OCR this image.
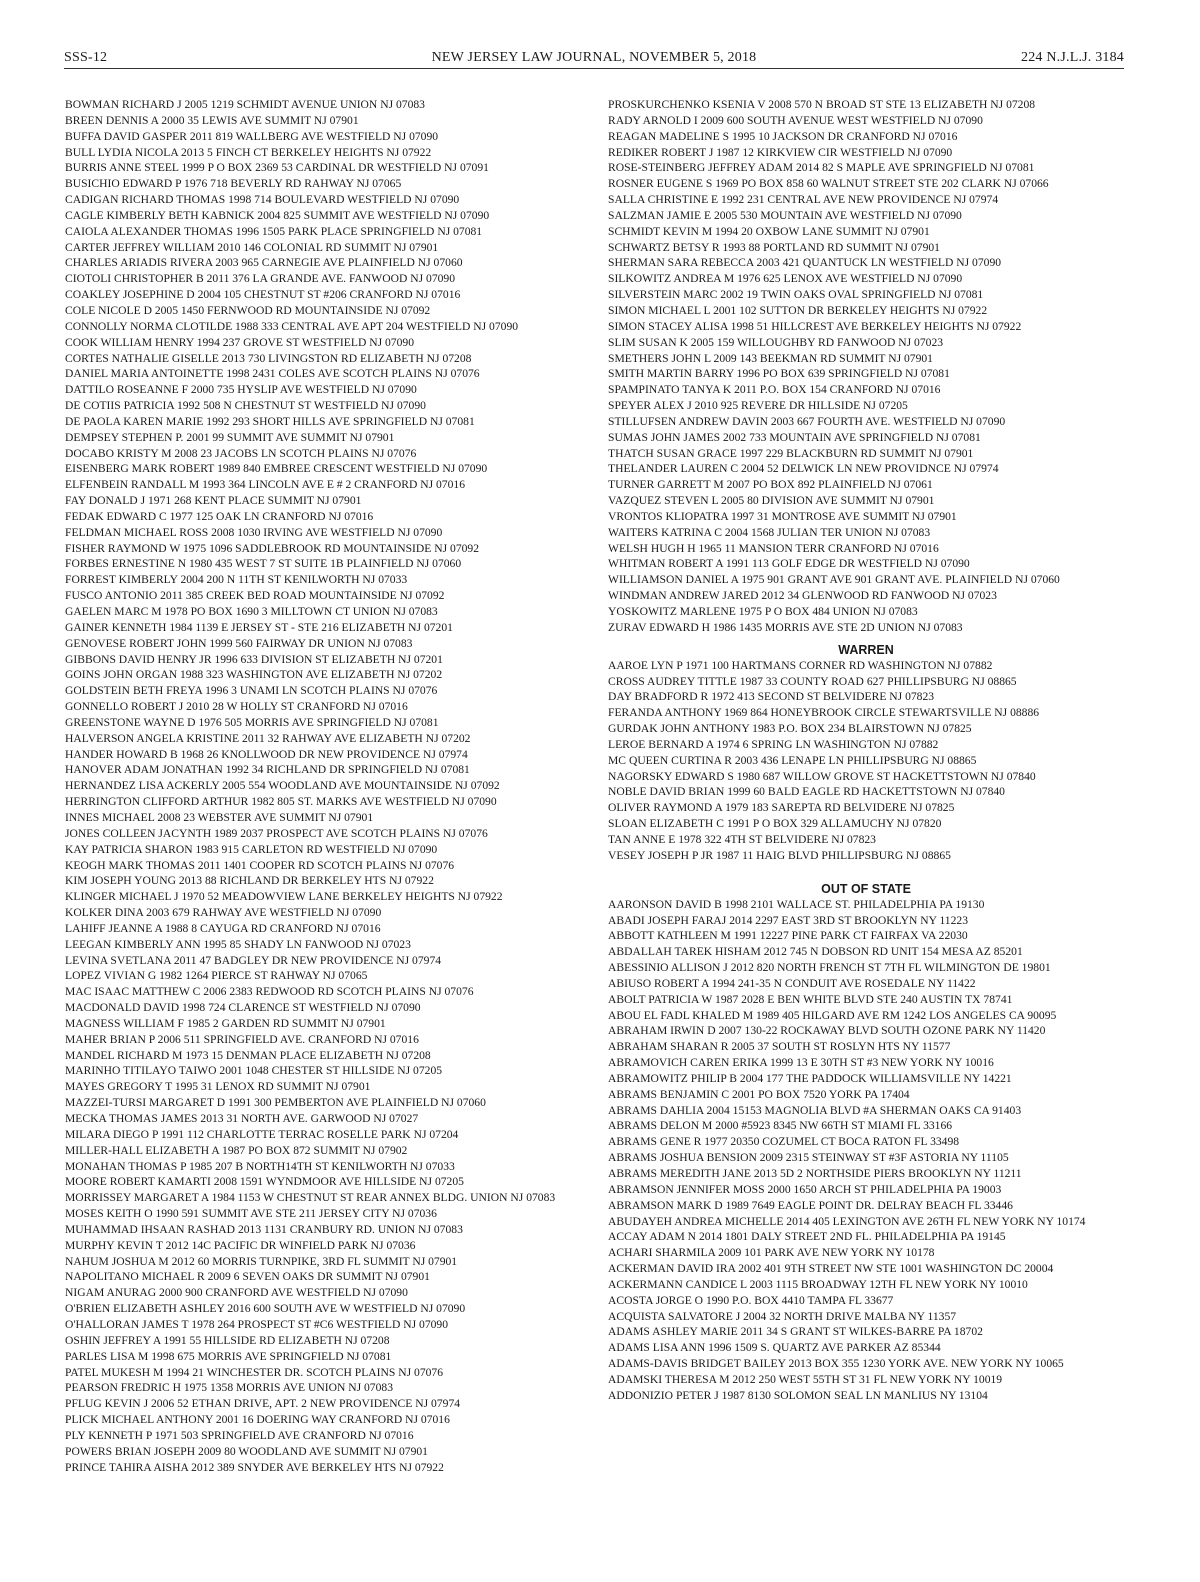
SSS-12	NEW JERSEY LAW JOURNAL, NOVEMBER 5, 2018	224 N.J.L.J. 3184

BOWMAN RICHARD J 2005 1219 SCHMIDT AVENUE UNION NJ 07083

BREEN DENNIS A 2000 35 LEWIS AVE SUMMIT NJ 07901

BUFFA DAVID GASPER 2011 819 WALLBERG AVE WESTFIELD NJ 07090

BULL LYDIA NICOLA 2013 5 FINCH CT BERKELEY HEIGHTS NJ 07922

BURRIS ANNE STEEL 1999 P O BOX 2369 53 CARDINAL DR WESTFIELD NJ 07091

BUSICHIO EDWARD P 1976 718 BEVERLY RD RAHWAY NJ 07065

CADIGAN RICHARD THOMAS 1998 714 BOULEVARD WESTFIELD NJ 07090

CAGLE KIMBERLY BETH KABNICK 2004 825 SUMMIT AVE WESTFIELD NJ 07090

CAIOLA ALEXANDER THOMAS 1996 1505 PARK PLACE SPRINGFIELD NJ 07081

CARTER JEFFREY WILLIAM 2010 146 COLONIAL RD SUMMIT NJ 07901

CHARLES ARIADIS RIVERA 2003 965 CARNEGIE AVE PLAINFIELD NJ 07060

CIOTOLI CHRISTOPHER B 2011 376 LA GRANDE AVE. FANWOOD NJ 07090

COAKLEY JOSEPHINE D 2004 105 CHESTNUT ST #206 CRANFORD NJ 07016

COLE NICOLE D 2005 1450 FERNWOOD RD MOUNTAINSIDE NJ 07092

CONNOLLY NORMA CLOTILDE 1988 333 CENTRAL AVE APT 204 WESTFIELD NJ 07090

COOK WILLIAM HENRY 1994 237 GROVE ST WESTFIELD NJ 07090

CORTES NATHALIE GISELLE 2013 730 LIVINGSTON RD ELIZABETH NJ 07208

DANIEL MARIA ANTOINETTE 1998 2431 COLES AVE SCOTCH PLAINS NJ 07076

DATTILO ROSEANNE F 2000 735 HYSLIP AVE WESTFIELD NJ 07090

DE COTIIS PATRICIA 1992 508 N CHESTNUT ST WESTFIELD NJ 07090

DE PAOLA KAREN MARIE 1992 293 SHORT HILLS AVE SPRINGFIELD NJ 07081

DEMPSEY STEPHEN P. 2001 99 SUMMIT AVE SUMMIT NJ 07901

DOCABO KRISTY M 2008 23 JACOBS LN SCOTCH PLAINS NJ 07076

EISENBERG MARK ROBERT 1989 840 EMBREE CRESCENT WESTFIELD NJ 07090

ELFENBEIN RANDALL M 1993 364 LINCOLN AVE E # 2 CRANFORD NJ 07016

FAY DONALD J 1971 268 KENT PLACE SUMMIT NJ 07901

FEDAK EDWARD C 1977 125 OAK LN CRANFORD NJ 07016

FELDMAN MICHAEL ROSS 2008 1030 IRVING AVE WESTFIELD NJ 07090

FISHER RAYMOND W 1975 1096 SADDLEBROOK RD MOUNTAINSIDE NJ 07092

FORBES ERNESTINE N 1980 435 WEST 7 ST SUITE 1B PLAINFIELD NJ 07060

FORREST KIMBERLY 2004 200 N 11TH ST KENILWORTH NJ 07033

FUSCO ANTONIO 2011 385 CREEK BED ROAD MOUNTAINSIDE NJ 07092

GAELEN MARC M 1978 PO BOX 1690 3 MILLTOWN CT UNION NJ 07083

GAINER KENNETH 1984 1139 E JERSEY ST - STE 216 ELIZABETH NJ 07201

GENOVESE ROBERT JOHN 1999 560 FAIRWAY DR UNION NJ 07083

GIBBONS DAVID HENRY JR 1996 633 DIVISION ST ELIZABETH NJ 07201

GOINS JOHN ORGAN 1988 323 WASHINGTON AVE ELIZABETH NJ 07202

GOLDSTEIN BETH FREYA 1996 3 UNAMI LN SCOTCH PLAINS NJ 07076

GONNELLO ROBERT J 2010 28 W HOLLY ST CRANFORD NJ 07016

GREENSTONE WAYNE D 1976 505 MORRIS AVE SPRINGFIELD NJ 07081

HALVERSON ANGELA KRISTINE 2011 32 RAHWAY AVE ELIZABETH NJ 07202

HANDER HOWARD B 1968 26 KNOLLWOOD DR NEW PROVIDENCE NJ 07974

HANOVER ADAM JONATHAN 1992 34 RICHLAND DR SPRINGFIELD NJ 07081

HERNANDEZ LISA ACKERLY 2005 554 WOODLAND AVE MOUNTAINSIDE NJ 07092

HERRINGTON CLIFFORD ARTHUR 1982 805 ST. MARKS AVE WESTFIELD NJ 07090

INNES MICHAEL 2008 23 WEBSTER AVE SUMMIT NJ 07901

JONES COLLEEN JACYNTH 1989 2037 PROSPECT AVE SCOTCH PLAINS NJ 07076

KAY PATRICIA SHARON 1983 915 CARLETON RD WESTFIELD NJ 07090

KEOGH MARK THOMAS 2011 1401 COOPER RD SCOTCH PLAINS NJ 07076

KIM JOSEPH YOUNG 2013 88 RICHLAND DR BERKELEY HTS NJ 07922

KLINGER MICHAEL J 1970 52 MEADOWVIEW LANE BERKELEY HEIGHTS NJ 07922

KOLKER DINA 2003 679 RAHWAY AVE WESTFIELD NJ 07090

LAHIFF JEANNE A 1988 8 CAYUGA RD CRANFORD NJ 07016

LEEGAN KIMBERLY ANN 1995 85 SHADY LN FANWOOD NJ 07023

LEVINA SVETLANA 2011 47 BADGLEY DR NEW PROVIDENCE NJ 07974

LOPEZ VIVIAN G 1982 1264 PIERCE ST RAHWAY NJ 07065

MAC ISAAC MATTHEW C 2006 2383 REDWOOD RD SCOTCH PLAINS NJ 07076

MACDONALD DAVID 1998 724 CLARENCE ST WESTFIELD NJ 07090

MAGNESS WILLIAM F 1985 2 GARDEN RD SUMMIT NJ 07901

MAHER BRIAN P 2006 511 SPRINGFIELD AVE. CRANFORD NJ 07016

MANDEL RICHARD M 1973 15 DENMAN PLACE ELIZABETH NJ 07208

MARINHO TITILAYO TAIWO 2001 1048 CHESTER ST HILLSIDE NJ 07205

MAYES GREGORY T 1995 31 LENOX RD SUMMIT NJ 07901

MAZZEI-TURSI MARGARET D 1991 300 PEMBERTON AVE PLAINFIELD NJ 07060

MECKA THOMAS JAMES 2013 31 NORTH AVE. GARWOOD NJ 07027

MILARA DIEGO P 1991 112 CHARLOTTE TERRAC ROSELLE PARK NJ 07204

MILLER-HALL ELIZABETH A 1987 PO BOX 872 SUMMIT NJ 07902

MONAHAN THOMAS P 1985 207 B NORTH14TH ST KENILWORTH NJ 07033

MOORE ROBERT KAMARTI 2008 1591 WYNDMOOR AVE HILLSIDE NJ 07205

MORRISSEY MARGARET A 1984 1153 W CHESTNUT ST REAR ANNEX BLDG. UNION NJ 07083

MOSES KEITH O 1990 591 SUMMIT AVE STE 211 JERSEY CITY NJ 07036

MUHAMMAD IHSAAN RASHAD 2013 1131 CRANBURY RD. UNION NJ 07083

MURPHY KEVIN T 2012 14C PACIFIC DR WINFIELD PARK NJ 07036

NAHUM JOSHUA M 2012 60 MORRIS TURNPIKE, 3RD FL SUMMIT NJ 07901

NAPOLITANO MICHAEL R 2009 6 SEVEN OAKS DR SUMMIT NJ 07901

NIGAM ANURAG 2000 900 CRANFORD AVE WESTFIELD NJ 07090

O'BRIEN ELIZABETH ASHLEY 2016 600 SOUTH AVE W WESTFIELD NJ 07090

O'HALLORAN JAMES T 1978 264 PROSPECT ST #C6 WESTFIELD NJ 07090

OSHIN JEFFREY A 1991 55 HILLSIDE RD ELIZABETH NJ 07208

PARLES LISA M 1998 675 MORRIS AVE SPRINGFIELD NJ 07081

PATEL MUKESH M 1994 21 WINCHESTER DR. SCOTCH PLAINS NJ 07076

PEARSON FREDRIC H 1975 1358 MORRIS AVE UNION NJ 07083

PFLUG KEVIN J 2006 52 ETHAN DRIVE, APT. 2 NEW PROVIDENCE NJ 07974

PLICK MICHAEL ANTHONY 2001 16 DOERING WAY CRANFORD NJ 07016

PLY KENNETH P 1971 503 SPRINGFIELD AVE CRANFORD NJ 07016

POWERS BRIAN JOSEPH 2009 80 WOODLAND AVE SUMMIT NJ 07901

PRINCE TAHIRA AISHA 2012 389 SNYDER AVE BERKELEY HTS NJ 07922

PROSKURCHENKO KSENIA V 2008 570 N BROAD ST STE 13 ELIZABETH NJ 07208

RADY ARNOLD I 2009 600 SOUTH AVENUE WEST WESTFIELD NJ 07090

REAGAN MADELINE S 1995 10 JACKSON DR CRANFORD NJ 07016

REDIKER ROBERT J 1987 12 KIRKVIEW CIR WESTFIELD NJ 07090

ROSE-STEINBERG JEFFREY ADAM 2014 82 S MAPLE AVE SPRINGFIELD NJ 07081

ROSNER EUGENE S 1969 PO BOX 858 60 WALNUT STREET STE 202 CLARK NJ 07066

SALLA CHRISTINE E 1992 231 CENTRAL AVE NEW PROVIDENCE NJ 07974

SALZMAN JAMIE E 2005 530 MOUNTAIN AVE WESTFIELD NJ 07090

SCHMIDT KEVIN M 1994 20 OXBOW LANE SUMMIT NJ 07901

SCHWARTZ BETSY R 1993 88 PORTLAND RD SUMMIT NJ 07901

SHERMAN SARA REBECCA 2003 421 QUANTUCK LN WESTFIELD NJ 07090

SILKOWITZ ANDREA M 1976 625 LENOX AVE WESTFIELD NJ 07090

SILVERSTEIN MARC 2002 19 TWIN OAKS OVAL SPRINGFIELD NJ 07081

SIMON MICHAEL L 2001 102 SUTTON DR BERKELEY HEIGHTS NJ 07922

SIMON STACEY ALISA 1998 51 HILLCREST AVE BERKELEY HEIGHTS NJ 07922

SLIM SUSAN K 2005 159 WILLOUGHBY RD FANWOOD NJ 07023

SMETHERS JOHN L 2009 143 BEEKMAN RD SUMMIT NJ 07901

SMITH MARTIN BARRY 1996 PO BOX 639 SPRINGFIELD NJ 07081

SPAMPINATO TANYA K 2011 P.O. BOX 154 CRANFORD NJ 07016

SPEYER ALEX J 2010 925 REVERE DR HILLSIDE NJ 07205

STILLUFSEN ANDREW DAVIN 2003 667 FOURTH AVE. WESTFIELD NJ 07090

SUMAS JOHN JAMES 2002 733 MOUNTAIN AVE SPRINGFIELD NJ 07081

THATCH SUSAN GRACE 1997 229 BLACKBURN RD SUMMIT NJ 07901

THELANDER LAUREN C 2004 52 DELWICK LN NEW PROVIDNCE NJ 07974

TURNER GARRETT M 2007 PO BOX 892 PLAINFIELD NJ 07061

VAZQUEZ STEVEN L 2005 80 DIVISION AVE SUMMIT NJ 07901

VRONTOS KLIOPATRA 1997 31 MONTROSE AVE SUMMIT NJ 07901

WAITERS KATRINA C 2004 1568 JULIAN TER UNION NJ 07083

WELSH HUGH H 1965 11 MANSION TERR CRANFORD NJ 07016

WHITMAN ROBERT A 1991 113 GOLF EDGE DR WESTFIELD NJ 07090

WILLIAMSON DANIEL A 1975 901 GRANT AVE 901 GRANT AVE. PLAINFIELD NJ 07060

WINDMAN ANDREW JARED 2012 34 GLENWOOD RD FANWOOD NJ 07023

YOSKOWITZ MARLENE 1975 P O BOX 484 UNION NJ 07083

ZURAV EDWARD H 1986 1435 MORRIS AVE STE 2D UNION NJ 07083

WARREN

AAROE LYN P 1971 100 HARTMANS CORNER RD WASHINGTON NJ 07882

CROSS AUDREY TITTLE 1987 33 COUNTY ROAD 627 PHILLIPSBURG NJ 08865

DAY BRADFORD R 1972 413 SECOND ST BELVIDERE NJ 07823

FERANDA ANTHONY 1969 864 HONEYBROOK CIRCLE STEWARTSVILLE NJ 08886

GURDAK JOHN ANTHONY 1983 P.O. BOX 234 BLAIRSTOWN NJ 07825

LEROE BERNARD A 1974 6 SPRING LN WASHINGTON NJ 07882

MC QUEEN CURTINA R 2003 436 LENAPE LN PHILLIPSBURG NJ 08865

NAGORSKY EDWARD S 1980 687 WILLOW GROVE ST HACKETTSTOWN NJ 07840

NOBLE DAVID BRIAN 1999 60 BALD EAGLE RD HACKETTSTOWN NJ 07840

OLIVER RAYMOND A 1979 183 SAREPTA RD BELVIDERE NJ 07825

SLOAN ELIZABETH C 1991 P O BOX 329 ALLAMUCHY NJ 07820

TAN ANNE E 1978 322 4TH ST BELVIDERE NJ 07823

VESEY JOSEPH P JR 1987 11 HAIG BLVD PHILLIPSBURG NJ 08865

OUT OF STATE

AARONSON DAVID B 1998 2101 WALLACE ST. PHILADELPHIA PA 19130

ABADI JOSEPH FARAJ 2014 2297 EAST 3RD ST BROOKLYN NY 11223

ABBOTT KATHLEEN M 1991 12227 PINE PARK CT FAIRFAX VA 22030

ABDALLAH TAREK HISHAM 2012 745 N DOBSON RD UNIT 154 MESA AZ 85201

ABESSINIO ALLISON J 2012 820 NORTH FRENCH ST 7TH FL WILMINGTON DE 19801

ABIUSO ROBERT A 1994 241-35 N CONDUIT AVE ROSEDALE NY 11422

ABOLT PATRICIA W 1987 2028 E BEN WHITE BLVD STE 240 AUSTIN TX 78741

ABOU EL FADL KHALED M 1989 405 HILGARD AVE RM 1242 LOS ANGELES CA 90095

ABRAHAM IRWIN D 2007 130-22 ROCKAWAY BLVD SOUTH OZONE PARK NY 11420

ABRAHAM SHARAN R 2005 37 SOUTH ST ROSLYN HTS NY 11577

ABRAMOVICH CAREN ERIKA 1999 13 E 30TH ST #3 NEW YORK NY 10016

ABRAMOWITZ PHILIP B 2004 177 THE PADDOCK WILLIAMSVILLE NY 14221

ABRAMS BENJAMIN C 2001 PO BOX 7520 YORK PA 17404

ABRAMS DAHLIA 2004 15153 MAGNOLIA BLVD #A SHERMAN OAKS CA 91403

ABRAMS DELON M 2000 #5923 8345 NW 66TH ST MIAMI FL 33166

ABRAMS GENE R 1977 20350 COZUMEL CT BOCA RATON FL 33498

ABRAMS JOSHUA BENSION 2009 2315 STEINWAY ST #3F ASTORIA NY 11105

ABRAMS MEREDITH JANE 2013 5D 2 NORTHSIDE PIERS BROOKLYN NY 11211

ABRAMSON JENNIFER MOSS 2000 1650 ARCH ST PHILADELPHIA PA 19003

ABRAMSON MARK D 1989 7649 EAGLE POINT DR. DELRAY BEACH FL 33446

ABUDAYEH ANDREA MICHELLE 2014 405 LEXINGTON AVE 26TH FL NEW YORK NY 10174

ACCAY ADAM N 2014 1801 DALY STREET 2ND FL. PHILADELPHIA PA 19145

ACHARI SHARMILA 2009 101 PARK AVE NEW YORK NY 10178

ACKERMAN DAVID IRA 2002 401 9TH STREET NW STE 1001 WASHINGTON DC 20004

ACKERMANN CANDICE L 2003 1115 BROADWAY 12TH FL NEW YORK NY 10010

ACOSTA JORGE O 1990 P.O. BOX 4410 TAMPA FL 33677

ACQUISTA SALVATORE J 2004 32 NORTH DRIVE MALBA NY 11357

ADAMS ASHLEY MARIE 2011 34 S GRANT ST WILKES-BARRE PA 18702

ADAMS LISA ANN 1996 1509 S. QUARTZ AVE PARKER AZ 85344

ADAMS-DAVIS BRIDGET BAILEY 2013 BOX 355 1230 YORK AVE. NEW YORK NY 10065

ADAMSKI THERESA M 2012 250 WEST 55TH ST 31 FL NEW YORK NY 10019

ADDONIZIO PETER J 1987 8130 SOLOMON SEAL LN MANLIUS NY 13104
